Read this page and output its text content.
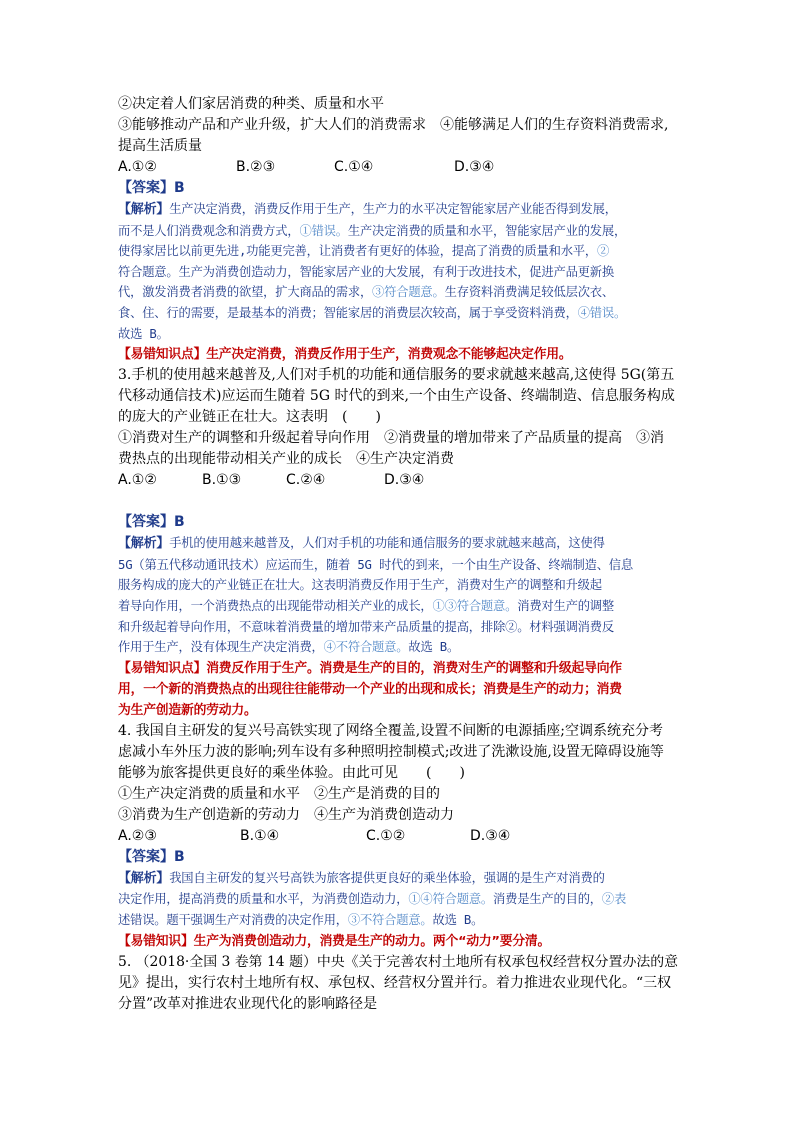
②决定着人们家居消费的种类、质量和水平
③能够推动产品和产业升级，扩大人们的消费需求　④能够满足人们的生存资料消费需求,
提高生活质量
A.①②	B.②③	C.①④	D.③④
【答案】B
【解析】生产决定消费，消费反作用于生产，生产力的水平决定智能家居产业能否得到发展，
而不是人们消费观念和消费方式，①错误。生产决定消费的质量和水平，智能家居产业的发展，
使得家居比以前更先进,功能更完善，让消费者有更好的体验，提高了消费的质量和水平，②
符合题意。生产为消费创造动力，智能家居产业的大发展，有利于改进技术，促进产品更新换
代，激发消费者消费的欲望，扩大商品的需求，③符合题意。生存资料消费满足较低层次衣、
食、住、行的需要，是最基本的消费；智能家居的消费层次较高，属于享受资料消费，④错误。
故选 B。
【易错知识点】生产决定消费，消费反作用于生产，消费观念不能够起决定作用。
3.手机的使用越来越普及,人们对手机的功能和通信服务的要求就越来越高,这使得 5G(第五
代移动通信技术)应运而生随着 5G 时代的到来,一个由生产设备、终端制造、信息服务构成
的庞大的产业链正在壮大。这表明　(　　)
①消费对生产的调整和升级起着导向作用　②消费量的增加带来了产品质量的提高　③消
费热点的出现能带动相关产业的成长　④生产决定消费
A.①②	B.①③	C.②④	D.③④
【答案】B
【解析】手机的使用越来越普及，人们对手机的功能和通信服务的要求就越来越高，这使得
5G（第五代移动通讯技术）应运而生，随着 5G 时代的到来，一个由生产设备、终端制造、信息
服务构成的庞大的产业链正在壮大。这表明消费反作用于生产，消费对生产的调整和升级起
着导向作用，一个消费热点的出现能带动相关产业的成长，①③符合题意。消费对生产的调整
和升级起着导向作用，不意味着消费量的增加带来产品质量的提高，排除②。材料强调消费反
作用于生产，没有体现生产决定消费，④不符合题意。故选 B。
【易错知识点】消费反作用于生产。消费是生产的目的，消费对生产的调整和升级起导向作
用，一个新的消费热点的出现往往能带动一个产业的出现和成长；消费是生产的动力；消费
为生产创造新的劳动力。
4. 我国自主研发的复兴号高铁实现了网络全覆盖,设置不间断的电源插座;空调系统充分考
虑减小车外压力波的影响;列车设有多种照明控制模式;改进了洗漱设施,设置无障碍设施等
能够为旅客提供更良好的乘坐体验。由此可见　　(　　)
①生产决定消费的质量和水平　②生产是消费的目的
③消费为生产创造新的劳动力　④生产为消费创造动力
A.②③	B.①④	C.①②	D.③④
【答案】B
【解析】我国自主研发的复兴号高铁为旅客提供更良好的乘坐体验，强调的是生产对消费的
决定作用，提高消费的质量和水平，为消费创造动力，①④符合题意。消费是生产的目的，②表
述错误。题干强调生产对消费的决定作用，③不符合题意。故选 B。
【易错知识】生产为消费创造动力，消费是生产的动力。两个“动力”要分清。
5. （2018·全国 3 卷第 14 题）中央《关于完善农村土地所有权承包权经营权分置办法的意
见》提出，实行农村土地所有权、承包权、经营权分置并行。着力推进农业现代化。“三权
分置”改革对推进农业现代化的影响路径是
